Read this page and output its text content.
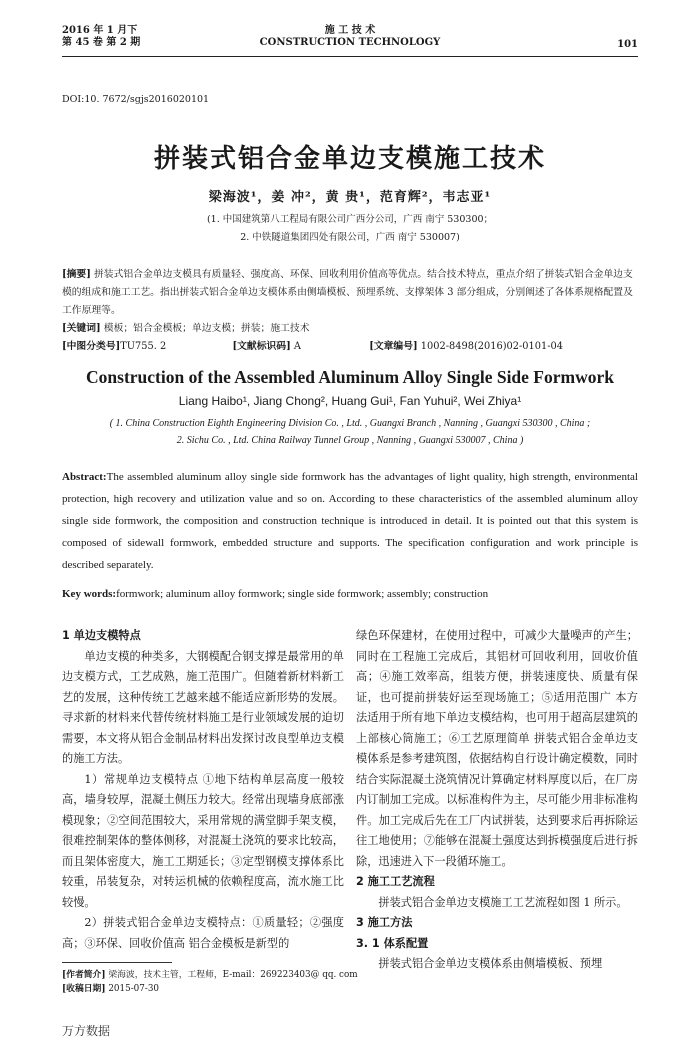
2016 年 1 月下
第 45 卷 第 2 期
施 工 技 术
CONSTRUCTION TECHNOLOGY	101
DOI:10. 7672/sgjs2016020101
拼装式铝合金单边支模施工技术
梁海波¹，姜 冲²，黄 贵¹，范育辉²，韦志亚¹
(1. 中国建筑第八工程局有限公司广西分公司，广西 南宁 530300；
2. 中铁隧道集团四处有限公司，广西 南宁 530007)
[摘要] 拼装式铝合金单边支模具有质量轻、强度高、环保、回收利用价值高等优点。结合技术特点，重点介绍了拼装式铝合金单边支模的组成和施工工艺。指出拼装式铝合金单边支模体系由侧墙模板、预埋系统、支撑架体 3 部分组成，分别阐述了各体系规格配置及工作原理等。
[关键词] 模板；铝合金模板；单边支模；拼装；施工技术
[中图分类号]TU755. 2	[文献标识码] A	[文章编号] 1002-8498(2016)02-0101-04
Construction of the Assembled Aluminum Alloy Single Side Formwork
Liang Haibo¹, Jiang Chong², Huang Gui¹, Fan Yuhui², Wei Zhiya¹
( 1. China Construction Eighth Engineering Division Co. , Ltd. , Guangxi Branch , Nanning , Guangxi 530300 , China ;
2. Sichu Co. , Ltd. China Railway Tunnel Group , Nanning , Guangxi 530007 , China )
Abstract:The assembled aluminum alloy single side formwork has the advantages of light quality, high strength, environmental protection, high recovery and utilization value and so on. According to these characteristics of the assembled aluminum alloy single side formwork, the composition and construction technique is introduced in detail. It is pointed out that this system is composed of sidewall formwork, embedded structure and supports. The specification configuration and work principle is described separately.
Key words:formwork; aluminum alloy formwork; single side formwork; assembly; construction
1 单边支模特点

单边支模的种类多，大钢模配合钢支撑是最常用的单边支模方式，工艺成熟，施工范围广。但随着新材料新工艺的发展，这种传统工艺越来越不能适应新形势的发展。寻求新的材料来代替传统材料施工是行业领域发展的迫切需要，本文将从铝合金制品材料出发探讨改良型单边支模的施工方法。

1）常规单边支模特点 ①地下结构单层高度一般较高，墙身较厚，混凝土侧压力较大。经常出现墙身底部涨模现象；②空间范围较大，采用常规的满堂脚手架支模，很难控制架体的整体侧移，对混凝土浇筑的要求比较高，而且架体密度大，施工工期延长；③定型钢模支撑体系比较重，吊装复杂，对转运机械的依赖程度高，流水施工比较慢。

2）拼装式铝合金单边支模特点：①质量轻；②强度高；③环保、回收价值高 铝合金模板是新型的

绿色环保建材，在使用过程中，可减少大量噪声的产生；同时在工程施工完成后，其铝材可回收利用，回收价值高；④施工效率高，组装方便，拼装速度快、质量有保证，也可提前拼装好运至现场施工；⑤适用范围广 本方法适用于所有地下单边支模结构，也可用于超高层建筑的上部核心筒施工；⑥工艺原理简单 拼装式铝合金单边支模体系是参考建筑图，依据结构自行设计确定模数，同时结合实际混凝土浇筑情况计算确定材料厚度以后，在厂房内订制加工完成。以标准构件为主，尽可能少用非标准构件。加工完成后先在工厂内试拼装，达到要求后再拆除运往工地使用；⑦能够在混凝土强度达到拆模强度后进行拆除，迅速进入下一段循环施工。

2 施工工艺流程

拼装式铝合金单边支模施工工艺流程如图 1 所示。

3 施工方法
3. 1 体系配置

拼装式铝合金单边支模体系由侧墙模板、预埋

[作者简介] 梁海波，技术主管，工程师，E-mail：269223403@ qq. com
[收稿日期] 2015-07-30
万方数据
